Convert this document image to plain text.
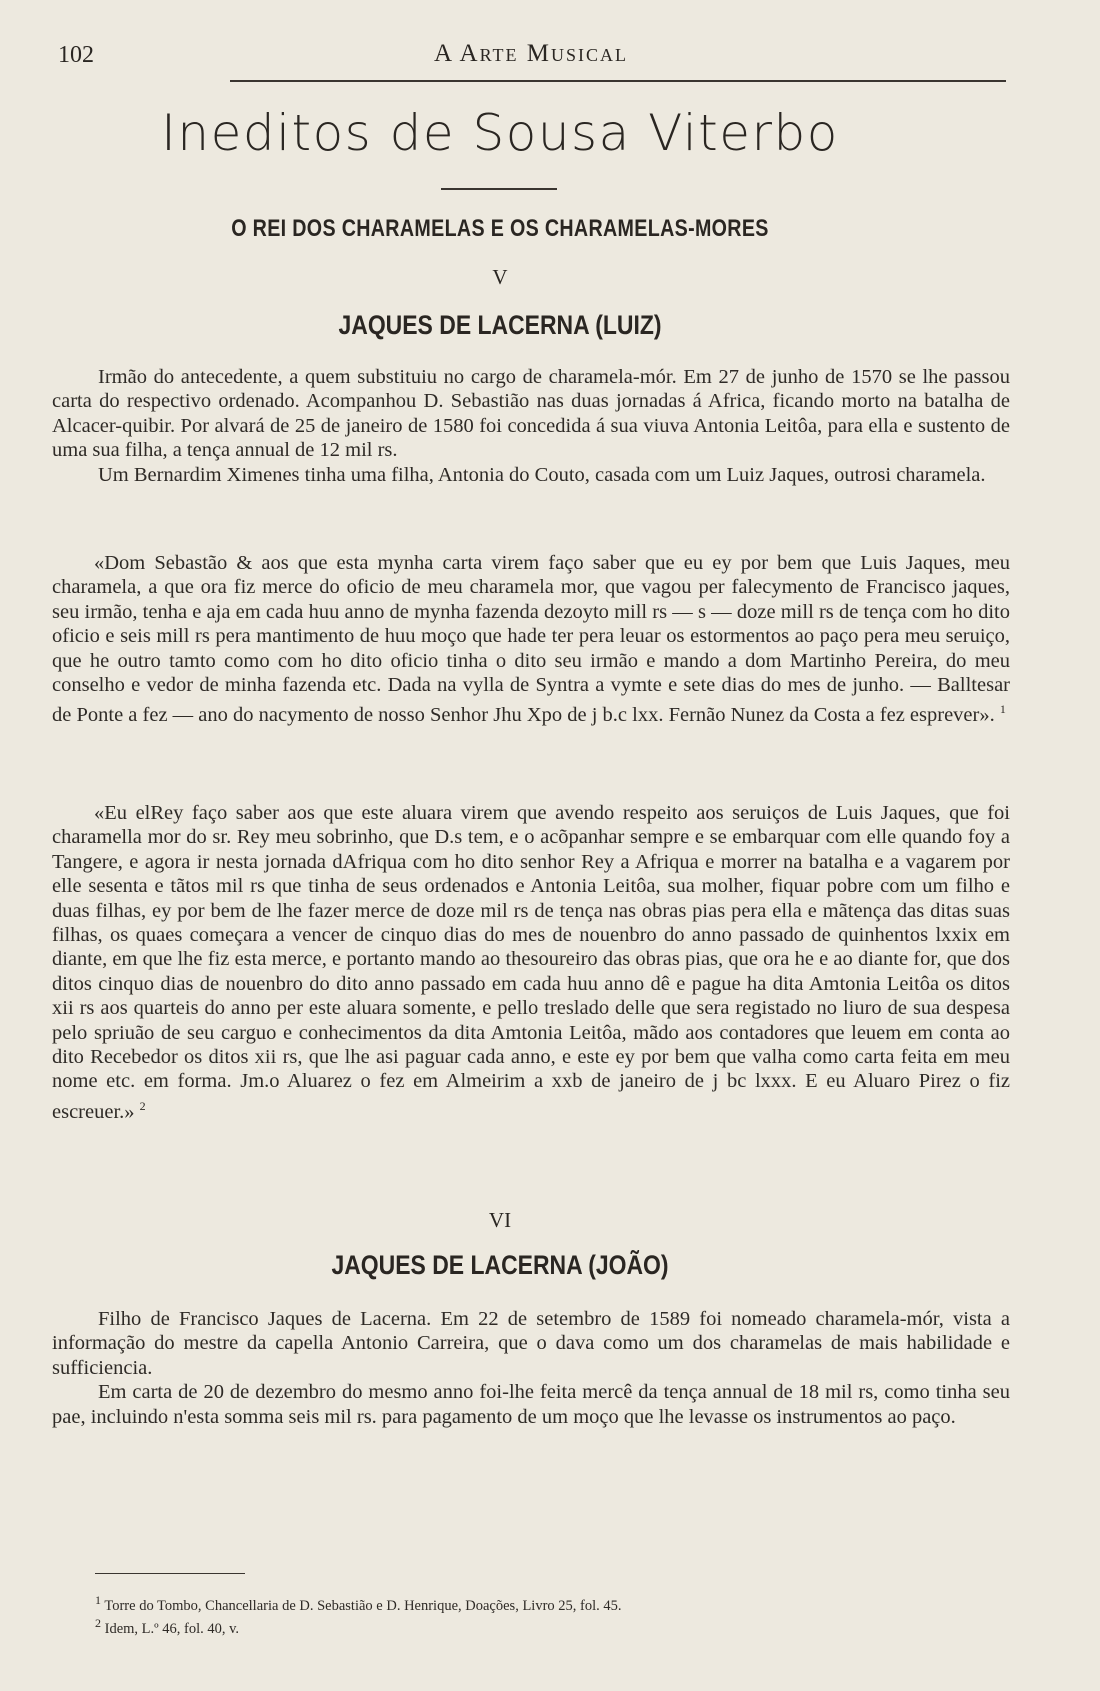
102	A Arte Musical
Ineditos de Sousa Viterbo
O REI DOS CHARAMELAS E OS CHARAMELAS-MORES
V
JAQUES DE LACERNA (LUIZ)

Irmão do antecedente, a quem substituiu no cargo de charamela-mór. Em 27 de junho de 1570 se lhe passou carta do respectivo ordenado. Acompanhou D. Sebastião nas duas jornadas á Africa, ficando morto na batalha de Alcacer-quibir. Por alvará de 25 de janeiro de 1580 foi concedida á sua viuva Antonia Leitôa, para ella e sustento de uma sua filha, a tença annual de 12 mil rs.

Um Bernardim Ximenes tinha uma filha, Antonia do Couto, casada com um Luiz Jaques, outrosi charamela.

«Dom Sebastão & aos que esta mynha carta virem faço saber que eu ey por bem que Luis Jaques, meu charamela, a que ora fiz merce do oficio de meu charamela mor, que vagou per falecymento de Francisco jaques, seu irmão, tenha e aja em cada huu anno de mynha fazenda dezoyto mill rs — s — doze mill rs de tença com ho dito oficio e seis mill rs pera mantimento de huu moço que hade ter pera leuar os estormentos ao paço pera meu seruiço, que he outro tamto como com ho dito oficio tinha o dito seu irmão e mando a dom Martinho Pereira, do meu conselho e vedor de minha fazenda etc. Dada na vylla de Syntra a vymte e sete dias do mes de junho. — Balltesar de Ponte a fez — ano do nacymento de nosso Senhor Jhu Xpo de j b.c lxx. Fernão Nunez da Costa a fez esprever». $^1$

«Eu elRey faço saber aos que este aluara virem que avendo respeito aos seruiços de Luis Jaques, que foi charamella mor do sr. Rey meu sobrinho, que D.s tem, e o acõpanhar sempre e se embarquar com elle quando foy a Tangere, e agora ir nesta jornada dAfriqua com ho dito senhor Rey a Afriqua e morrer na batalha e a vagarem por elle sesenta e tãtos mil rs que tinha de seus ordenados e Antonia Leitôa, sua molher, fiquar pobre com um filho e duas filhas, ey por bem de lhe fazer merce de doze mil rs de tença nas obras pias pera ella e mãtença das ditas suas filhas, os quaes começara a vencer de cinquo dias do mes de nouenbro do anno passado de quinhentos lxxix em diante, em que lhe fiz esta merce, e portanto mando ao thesoureiro das obras pias, que ora he e ao diante for, que dos ditos cinquo dias de nouenbro do dito anno passado em cada huu anno dê e pague ha dita Amtonia Leitôa os ditos xii rs aos quarteis do anno per este aluara somente, e pello treslado delle que sera registado no liuro de sua despesa pelo spriuão de seu carguo e conhecimentos da dita Amtonia Leitôa, mãdo aos contadores que leuem em conta ao dito Recebedor os ditos xii rs, que lhe asi paguar cada anno, e este ey por bem que valha como carta feita em meu nome etc. em forma. Jm.o Aluarez o fez em Almeirim a xxb de janeiro de j bc lxxx. E eu Aluaro Pirez o fiz escreuer.» $^2$

VI
JAQUES DE LACERNA (JOÃO)

Filho de Francisco Jaques de Lacerna. Em 22 de setembro de 1589 foi nomeado charamela-mór, vista a informação do mestre da capella Antonio Carreira, que o dava como um dos charamelas de mais habilidade e sufficiencia.

Em carta de 20 de dezembro do mesmo anno foi-lhe feita mercê da tença annual de 18 mil rs, como tinha seu pae, incluindo n'esta somma seis mil rs. para pagamento de um moço que lhe levasse os instrumentos ao paço.

$^1$ Torre do Tombo, Chancellaria de D. Sebastião e D. Henrique, Doações, Livro 25, fol. 45.
$^2$ Idem, L.º 46, fol. 40, v.
